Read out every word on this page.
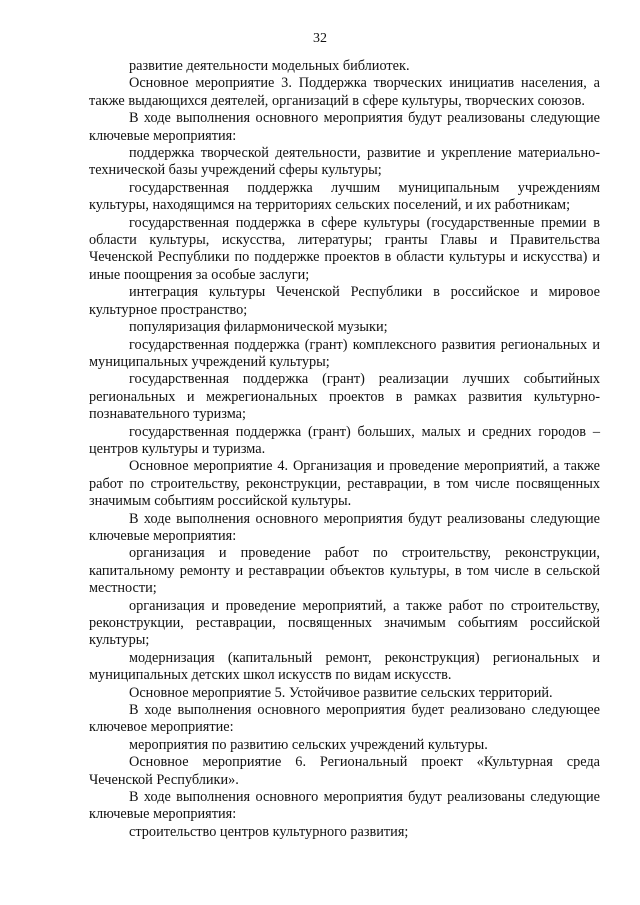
32

развитие деятельности модельных библиотек.

Основное мероприятие 3. Поддержка творческих инициатив населения, а также выдающихся деятелей, организаций в сфере культуры, творческих союзов.

В ходе выполнения основного мероприятия будут реализованы следующие ключевые мероприятия:

поддержка творческой деятельности, развитие и укрепление материально-технической базы учреждений сферы культуры;

государственная поддержка лучшим муниципальным учреждениям культуры, находящимся на территориях сельских поселений, и их работникам;

государственная поддержка в сфере культуры (государственные премии в области культуры, искусства, литературы; гранты Главы и Правительства Чеченской Республики по поддержке проектов в области культуры и искусства) и иные поощрения за особые заслуги;

интеграция культуры Чеченской Республики в российское и мировое культурное пространство;

популяризация филармонической музыки;

государственная поддержка (грант) комплексного развития региональных и муниципальных учреждений культуры;

государственная поддержка (грант) реализации лучших событийных региональных и межрегиональных проектов в рамках развития культурно-познавательного туризма;

государственная поддержка (грант) больших, малых и средних городов – центров культуры и туризма.

Основное мероприятие 4. Организация и проведение мероприятий, а также работ по строительству, реконструкции, реставрации, в том числе посвященных значимым событиям российской культуры.

В ходе выполнения основного мероприятия будут реализованы следующие ключевые мероприятия:

организация и проведение работ по строительству, реконструкции, капитальному ремонту и реставрации объектов культуры, в том числе в сельской местности;

организация и проведение мероприятий, а также работ по строительству, реконструкции, реставрации, посвященных значимым событиям российской культуры;

модернизация (капитальный ремонт, реконструкция) региональных и муниципальных детских школ искусств по видам искусств.

Основное мероприятие 5. Устойчивое развитие сельских территорий.

В ходе выполнения основного мероприятия будет реализовано следующее ключевое мероприятие:

мероприятия по развитию сельских учреждений культуры.

Основное мероприятие 6. Региональный проект «Культурная среда Чеченской Республики».

В ходе выполнения основного мероприятия будут реализованы следующие ключевые мероприятия:

строительство центров культурного развития;
